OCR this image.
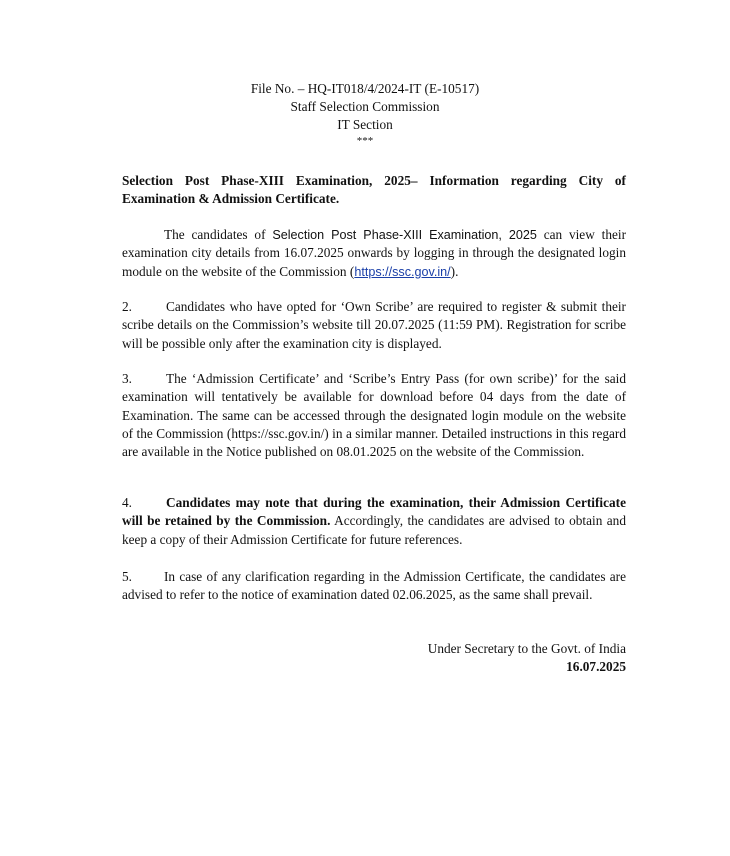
File No. – HQ-IT018/4/2024-IT (E-10517)
Staff Selection Commission
IT Section
***
Selection Post Phase-XIII Examination, 2025– Information regarding City of Examination & Admission Certificate.
The candidates of Selection Post Phase-XIII Examination, 2025 can view their examination city details from 16.07.2025 onwards by logging in through the designated login module on the website of the Commission (https://ssc.gov.in/).
2.	Candidates who have opted for ‘Own Scribe’ are required to register & submit their scribe details on the Commission’s website till 20.07.2025 (11:59 PM). Registration for scribe will be possible only after the examination city is displayed.
3.	The ‘Admission Certificate’ and ‘Scribe’s Entry Pass (for own scribe)’ for the said examination will tentatively be available for download before 04 days from the date of Examination. The same can be accessed through the designated login module on the website of the Commission (https://ssc.gov.in/) in a similar manner. Detailed instructions in this regard are available in the Notice published on 08.01.2025 on the website of the Commission.
4.	Candidates may note that during the examination, their Admission Certificate will be retained by the Commission. Accordingly, the candidates are advised to obtain and keep a copy of their Admission Certificate for future references.
5. In case of any clarification regarding in the Admission Certificate, the candidates are advised to refer to the notice of examination dated 02.06.2025, as the same shall prevail.
Under Secretary to the Govt. of India
16.07.2025
